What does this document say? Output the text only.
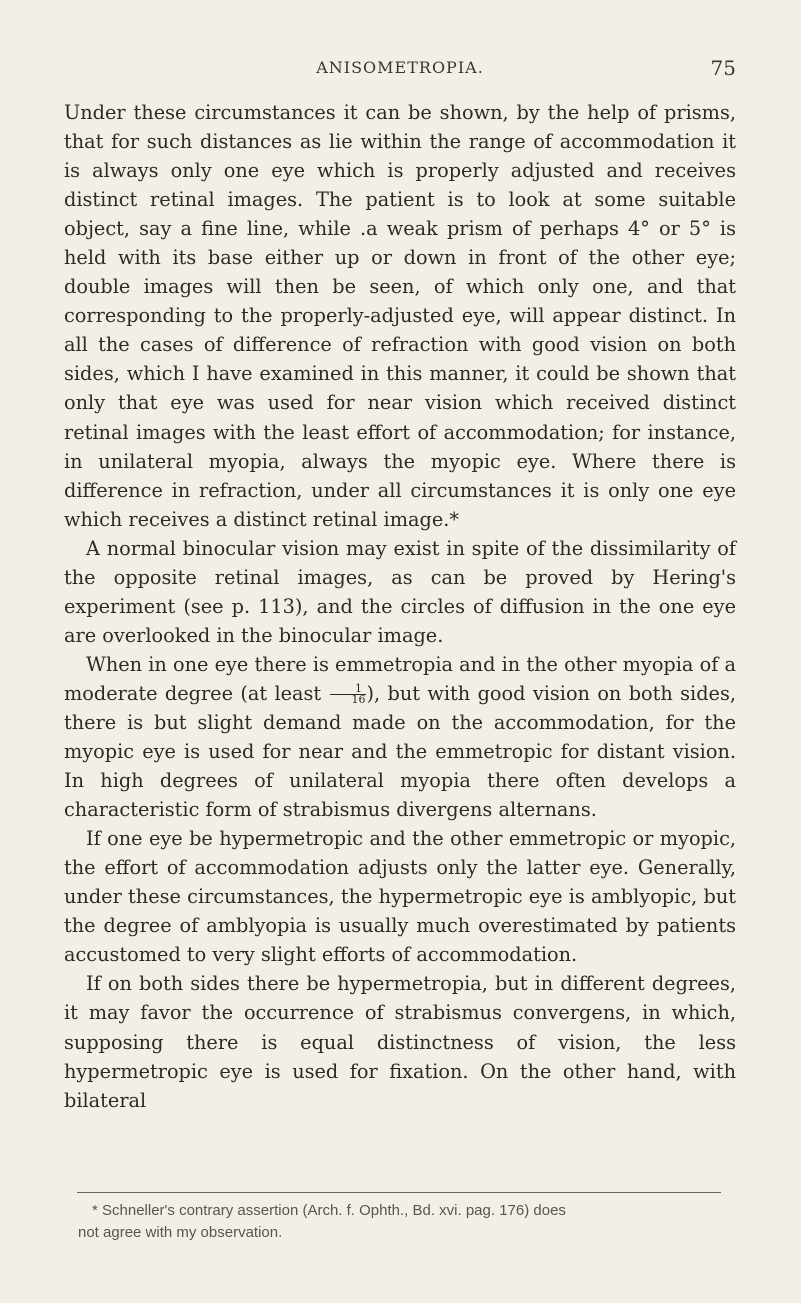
ANISOMETROPIA.	75

Under these circumstances it can be shown, by the help of prisms, that for such distances as lie within the range of accommodation it is always only one eye which is properly adjusted and receives distinct retinal images. The patient is to look at some suitable object, say a fine line, while .a weak prism of perhaps 4° or 5° is held with its base either up or down in front of the other eye; double images will then be seen, of which only one, and that corresponding to the properly-adjusted eye, will appear distinct. In all the cases of difference of refraction with good vision on both sides, which I have examined in this manner, it could be shown that only that eye was used for near vision which received distinct retinal images with the least effort of accommodation; for instance, in unilateral myopia, always the myopic eye. Where there is difference in refraction, under all circumstances it is only one eye which receives a distinct retinal image.*

A normal binocular vision may exist in spite of the dissimilarity of the opposite retinal images, as can be proved by Hering's experiment (see p. 113), and the circles of diffusion in the one eye are overlooked in the binocular image.

When in one eye there is emmetropia and in the other myopia of a moderate degree (at least $\frac{1}{16}$ ), but with good vision on both sides, there is but slight demand made on the accommodation, for the myopic eye is used for near and the emmetropic for distant vision. In high degrees of unilateral myopia there often develops a characteristic form of strabismus divergens alternans.

If one eye be hypermetropic and the other emmetropic or myopic, the effort of accommodation adjusts only the latter eye. Generally, under these circumstances, the hypermetropic eye is amblyopic, but the degree of amblyopia is usually much overestimated by patients accustomed to very slight efforts of accommodation.

If on both sides there be hypermetropia, but in different degrees, it may favor the occurrence of strabismus convergens, in which, supposing there is equal distinctness of vision, the less hypermetropic eye is used for fixation. On the other hand, with bilateral

* Schneller's contrary assertion (Arch. f. Ophth., Bd. xvi. pag. 176) does
not agree with my observation.
